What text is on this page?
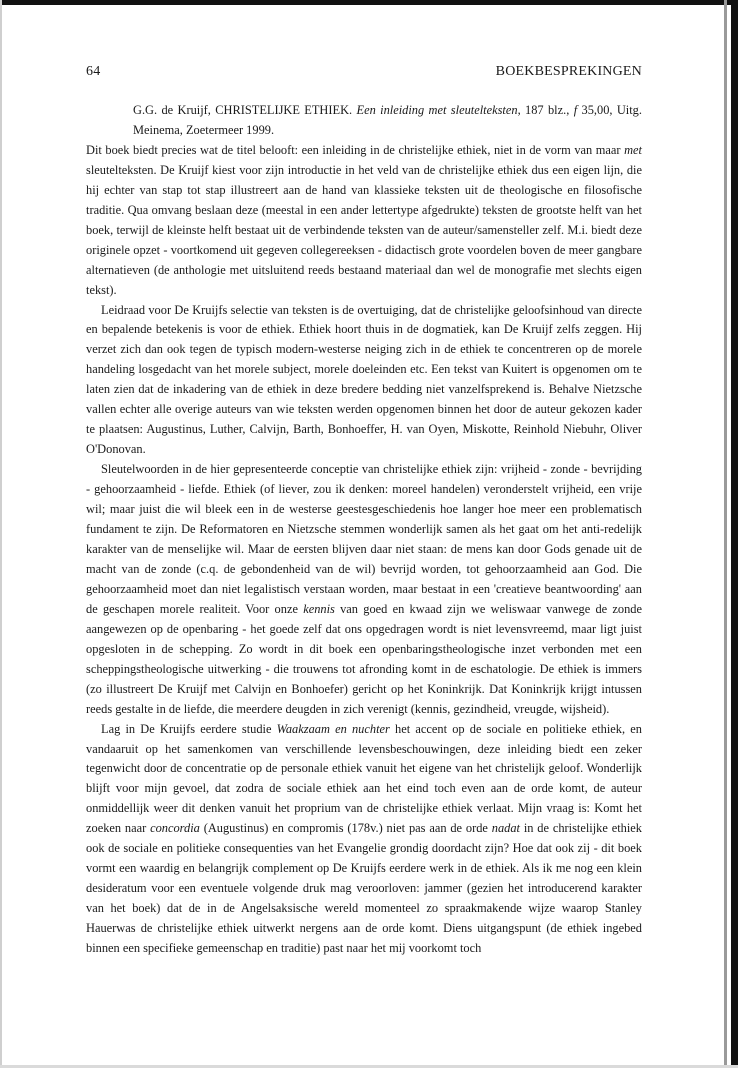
64	BOEKBESPREKINGEN

G.G. de Kruijf, CHRISTELIJKE ETHIEK. Een inleiding met sleutelteksten, 187 blz., f 35,00, Uitg. Meinema, Zoetermeer 1999.

Dit boek biedt precies wat de titel belooft: een inleiding in de christelijke ethiek, niet in de vorm van maar met sleutelteksten. De Kruijf kiest voor zijn introductie in het veld van de christelijke ethiek dus een eigen lijn, die hij echter van stap tot stap illustreert aan de hand van klassieke teksten uit de theologische en filosofische traditie. Qua omvang beslaan deze (meestal in een ander lettertype afgedrukte) teksten de grootste helft van het boek, terwijl de kleinste helft bestaat uit de verbindende teksten van de auteur/samensteller zelf. M.i. biedt deze originele opzet - voortkomend uit gegeven collegereeksen - didactisch grote voordelen boven de meer gangbare alternatieven (de anthologie met uitsluitend reeds bestaand materiaal dan wel de monografie met slechts eigen tekst).

Leidraad voor De Kruijfs selectie van teksten is de overtuiging, dat de christelijke geloofsinhoud van directe en bepalende betekenis is voor de ethiek. Ethiek hoort thuis in de dogmatiek, kan De Kruijf zelfs zeggen. Hij verzet zich dan ook tegen de typisch modern-westerse neiging zich in de ethiek te concentreren op de morele handeling losgedacht van het morele subject, morele doeleinden etc. Een tekst van Kuitert is opgenomen om te laten zien dat de inkadering van de ethiek in deze bredere bedding niet vanzelfsprekend is. Behalve Nietzsche vallen echter alle overige auteurs van wie teksten werden opgenomen binnen het door de auteur gekozen kader te plaatsen: Augustinus, Luther, Calvijn, Barth, Bonhoeffer, H. van Oyen, Miskotte, Reinhold Niebuhr, Oliver O'Donovan.

Sleutelwoorden in de hier gepresenteerde conceptie van christelijke ethiek zijn: vrijheid - zonde - bevrijding - gehoorzaamheid - liefde. Ethiek (of liever, zou ik denken: moreel handelen) veronderstelt vrijheid, een vrije wil; maar juist die wil bleek een in de westerse geestesgeschiedenis hoe langer hoe meer een problematisch fundament te zijn. De Reformatoren en Nietzsche stemmen wonderlijk samen als het gaat om het anti-redelijk karakter van de menselijke wil. Maar de eersten blijven daar niet staan: de mens kan door Gods genade uit de macht van de zonde (c.q. de gebondenheid van de wil) bevrijd worden, tot gehoorzaamheid aan God. Die gehoorzaamheid moet dan niet legalistisch verstaan worden, maar bestaat in een 'creatieve beantwoording' aan de geschapen morele realiteit. Voor onze kennis van goed en kwaad zijn we weliswaar vanwege de zonde aangewezen op de openbaring - het goede zelf dat ons opgedragen wordt is niet levensvreemd, maar ligt juist opgesloten in de schepping. Zo wordt in dit boek een openbaringstheologische inzet verbonden met een scheppingstheologische uitwerking - die trouwens tot afronding komt in de eschatologie. De ethiek is immers (zo illustreert De Kruijf met Calvijn en Bonhoefer) gericht op het Koninkrijk. Dat Koninkrijk krijgt intussen reeds gestalte in de liefde, die meerdere deugden in zich verenigt (kennis, gezindheid, vreugde, wijsheid).

Lag in De Kruijfs eerdere studie Waakzaam en nuchter het accent op de sociale en politieke ethiek, en vandaaruit op het samenkomen van verschillende levensbeschouwingen, deze inleiding biedt een zeker tegenwicht door de concentratie op de personale ethiek vanuit het eigene van het christelijk geloof. Wonderlijk blijft voor mijn gevoel, dat zodra de sociale ethiek aan het eind toch even aan de orde komt, de auteur onmiddellijk weer dit denken vanuit het proprium van de christelijke ethiek verlaat. Mijn vraag is: Komt het zoeken naar concordia (Augustinus) en compromis (178v.) niet pas aan de orde nadat in de christelijke ethiek ook de sociale en politieke consequenties van het Evangelie grondig doordacht zijn? Hoe dat ook zij - dit boek vormt een waardig en belangrijk complement op De Kruijfs eerdere werk in de ethiek. Als ik me nog een klein desideratum voor een eventuele volgende druk mag veroorloven: jammer (gezien het introducerend karakter van het boek) dat de in de Angelsaksische wereld momenteel zo spraakmakende wijze waarop Stanley Hauerwas de christelijke ethiek uitwerkt nergens aan de orde komt. Diens uitgangspunt (de ethiek ingebed binnen een specifieke gemeenschap en traditie) past naar het mij voorkomt toch
